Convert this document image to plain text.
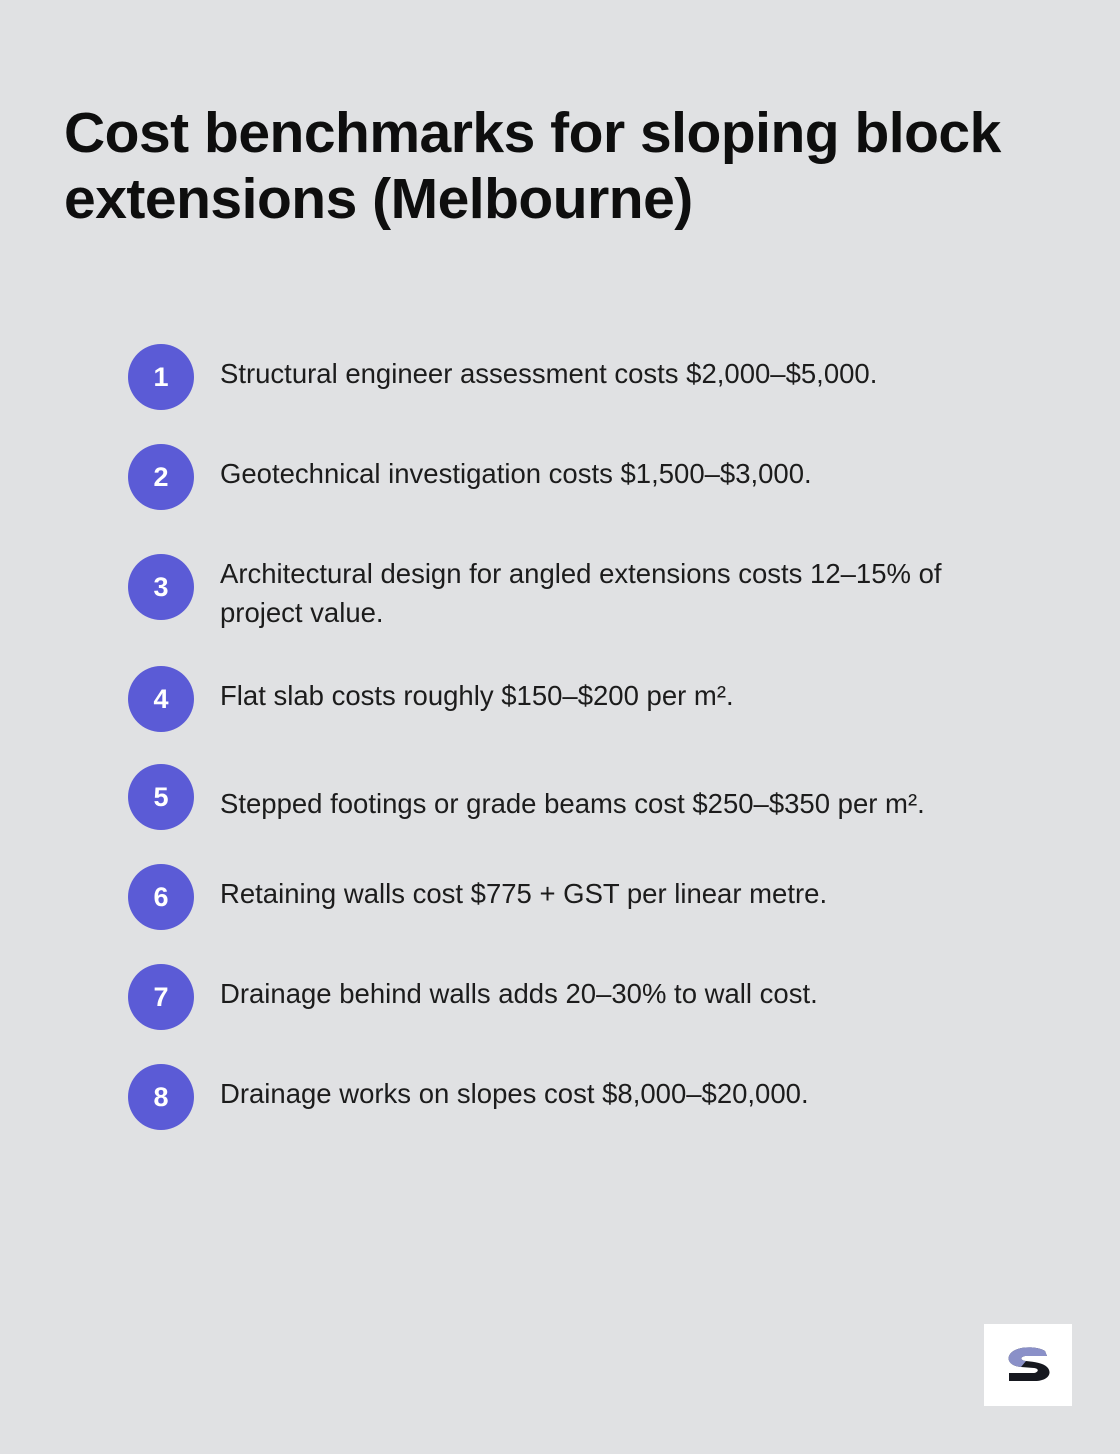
Cost benchmarks for sloping block extensions (Melbourne)
1	Structural engineer assessment costs $2,000–$5,000.
2	Geotechnical investigation costs $1,500–$3,000.
3	Architectural design for angled extensions costs 12–15% of project value.
4	Flat slab costs roughly $150–$200 per m².
5	Stepped footings or grade beams cost $250–$350 per m².
6	Retaining walls cost $775 + GST per linear metre.
7	Drainage behind walls adds 20–30% to wall cost.
8	Drainage works on slopes cost $8,000–$20,000.
